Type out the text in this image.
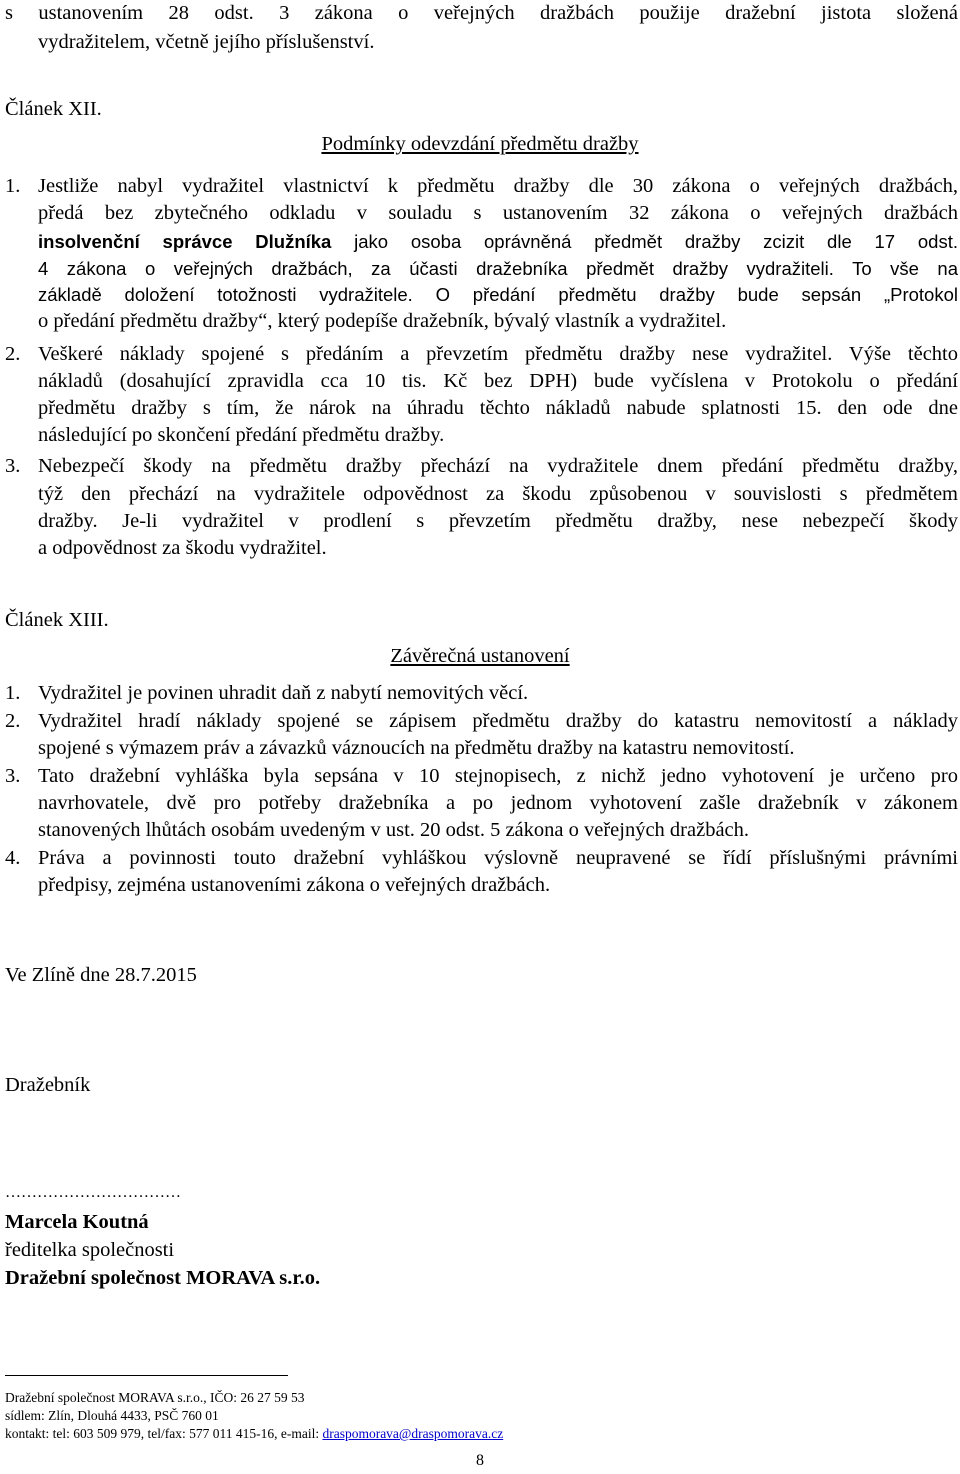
s ustanovením 28 odst. 3 zákona o veřejných dražbách použije dražební jistota složená
vydražitelem, včetně jejího příslušenství.
Článek XII.
Podmínky odevzdání předmětu dražby
1. Jestliže nabyl vydražitel vlastnictví k předmětu dražby dle 30 zákona o veřejných dražbách,
předá bez zbytečného odkladu v souladu s ustanovením 32 zákona o veřejných dražbách
insolvenční správce Dlužníka jako osoba oprávněná předmět dražby zcizit dle 17 odst.
4 zákona o veřejných dražbách, za účasti dražebníka předmět dražby vydražiteli. To vše na
základě doložení totožnosti vydražitele. O předání předmětu dražby bude sepsán „Protokol
o předání předmětu dražby“, který podepíše dražebník, bývalý vlastník a vydražitel.
2. Veškeré náklady spojené s předáním a převzetím předmětu dražby nese vydražitel. Výše těchto
nákladů (dosahující zpravidla cca 10 tis. Kč bez DPH) bude vyčíslena v Protokolu o předání
předmětu dražby s tím, že nárok na úhradu těchto nákladů nabude splatnosti 15. den ode dne
následující po skončení předání předmětu dražby.
3. Nebezpečí škody na předmětu dražby přechází na vydražitele dnem předání předmětu dražby,
týž den přechází na vydražitele odpovědnost za škodu způsobenou v souvislosti s předmětem
dražby. Je-li vydražitel v prodlení s převzetím předmětu dražby, nese nebezpečí škody
a odpovědnost za škodu vydražitel.
Článek XIII.
Závěrečná ustanovení
1. Vydražitel je povinen uhradit daň z nabytí nemovitých věcí.
2. Vydražitel hradí náklady spojené se zápisem předmětu dražby do katastru nemovitostí a náklady
spojené s výmazem práv a závazků váznoucích na předmětu dražby na katastru nemovitostí.
3. Tato dražební vyhláška byla sepsána v 10 stejnopisech, z nichž jedno vyhotovení je určeno pro
navrhovatele, dvě pro potřeby dražebníka a po jednom vyhotovení zašle dražebník v zákonem
stanovených lhůtách osobám uvedeným v ust. 20 odst. 5 zákona o veřejných dražbách.
4. Práva a povinnosti touto dražební vyhláškou výslovně neupravené se řídí příslušnými právními
předpisy, zejména ustanoveními zákona o veřejných dražbách.
Ve Zlíně dne 28.7.2015
Dražebník
……………………………
Marcela Koutná
ředitelka společnosti
Dražební společnost MORAVA s.r.o.
Dražební společnost MORAVA s.r.o., IČO: 26 27 59 53
sídlem: Zlín, Dlouhá 4433, PSČ 760 01
kontakt: tel: 603 509 979, tel/fax: 577 011 415-16, e-mail: draspomorava@draspomorava.cz
8
